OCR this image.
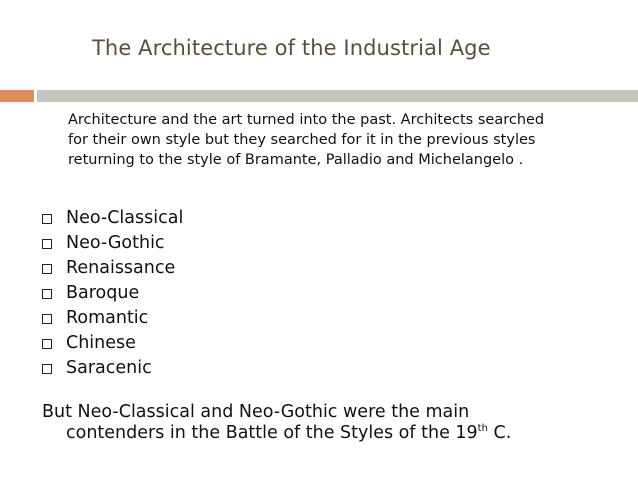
The Architecture of the Industrial Age
Architecture and the art turned into the past. Architects searched
for their own style but they searched for it in the previous styles
returning to the style of Bramante, Palladio and Michelangelo .
Neo-Classical
Neo-Gothic
Renaissance
Baroque
Romantic
Chinese
Saracenic
But Neo-Classical and Neo-Gothic were the main
contenders in the Battle of the Styles of the 19th C.
